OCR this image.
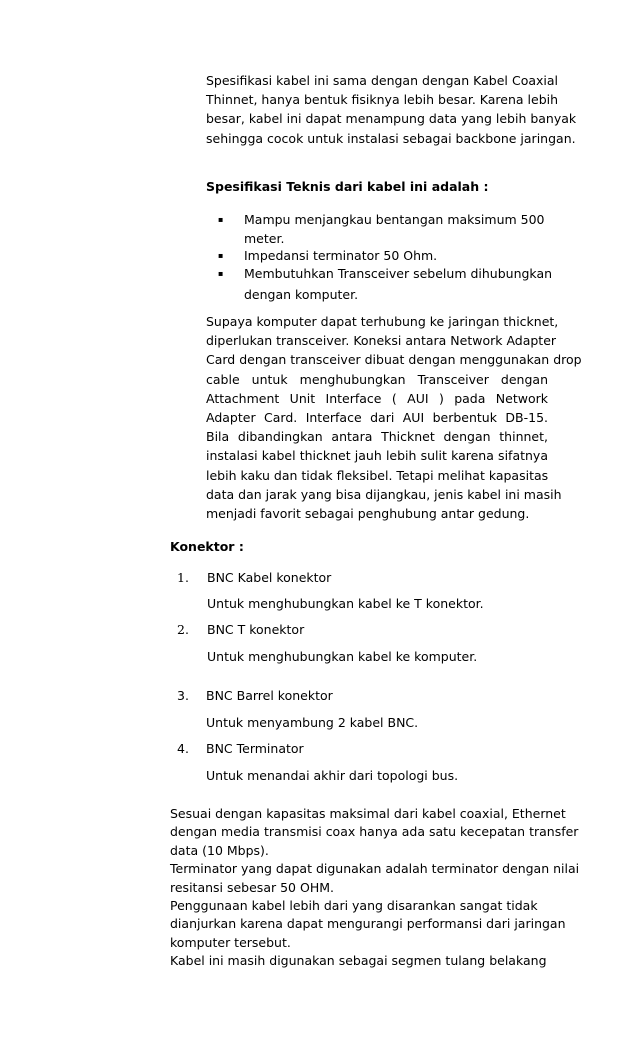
Spesifikasi kabel ini sama dengan dengan Kabel Coaxial
Thinnet, hanya bentuk fisiknya lebih besar. Karena lebih
besar, kabel ini dapat menampung data yang lebih banyak
sehingga cocok untuk instalasi sebagai backbone jaringan.
Spesifikasi Teknis dari kabel ini adalah :
▪ Mampu menjangkau bentangan maksimum 500
meter.
▪ Impedansi terminator 50 Ohm.
▪ Membutuhkan Transceiver sebelum dihubungkan
dengan komputer.
Supaya komputer dapat terhubung ke jaringan thicknet,
diperlukan transceiver. Koneksi antara Network Adapter
Card dengan transceiver dibuat dengan menggunakan drop
cable untuk menghubungkan Transceiver dengan
Attachment Unit Interface ( AUI ) pada Network
Adapter Card. Interface dari AUI berbentuk DB-15.
Bila dibandingkan antara Thicknet dengan thinnet,
instalasi kabel thicknet jauh lebih sulit karena sifatnya
lebih kaku dan tidak fleksibel. Tetapi melihat kapasitas
data dan jarak yang bisa dijangkau, jenis kabel ini masih
menjadi favorit sebagai penghubung antar gedung.
Konektor :
1. BNC Kabel konektor
Untuk menghubungkan kabel ke T konektor.
2. BNC T konektor
Untuk menghubungkan kabel ke komputer.
3. BNC Barrel konektor
Untuk menyambung 2 kabel BNC.
4. BNC Terminator
Untuk menandai akhir dari topologi bus.
Sesuai dengan kapasitas maksimal dari kabel coaxial, Ethernet
dengan media transmisi coax hanya ada satu kecepatan transfer
data (10 Mbps).
Terminator yang dapat digunakan adalah terminator dengan nilai
resitansi sebesar 50 OHM.
Penggunaan kabel lebih dari yang disarankan sangat tidak
dianjurkan karena dapat mengurangi performansi dari jaringan
komputer tersebut.
Kabel ini masih digunakan sebagai segmen tulang belakang
